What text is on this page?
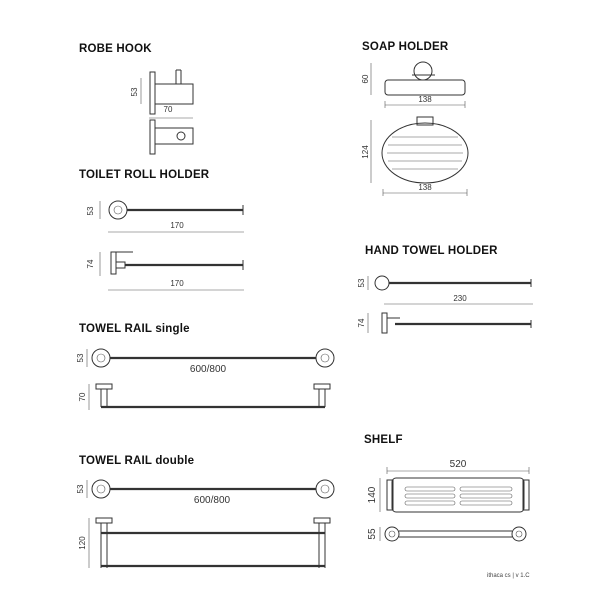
ROBE HOOK	SOAP HOLDER
TOILET ROLL HOLDER
HAND TOWEL HOLDER
TOWEL RAIL single
SHELF
TOWEL RAIL double
53
70
60
138
124
138
53
170
74
170	53
230
74
53
600/800
70
53
600/800
120
520
140
55
ithaca cs | v 1.C
